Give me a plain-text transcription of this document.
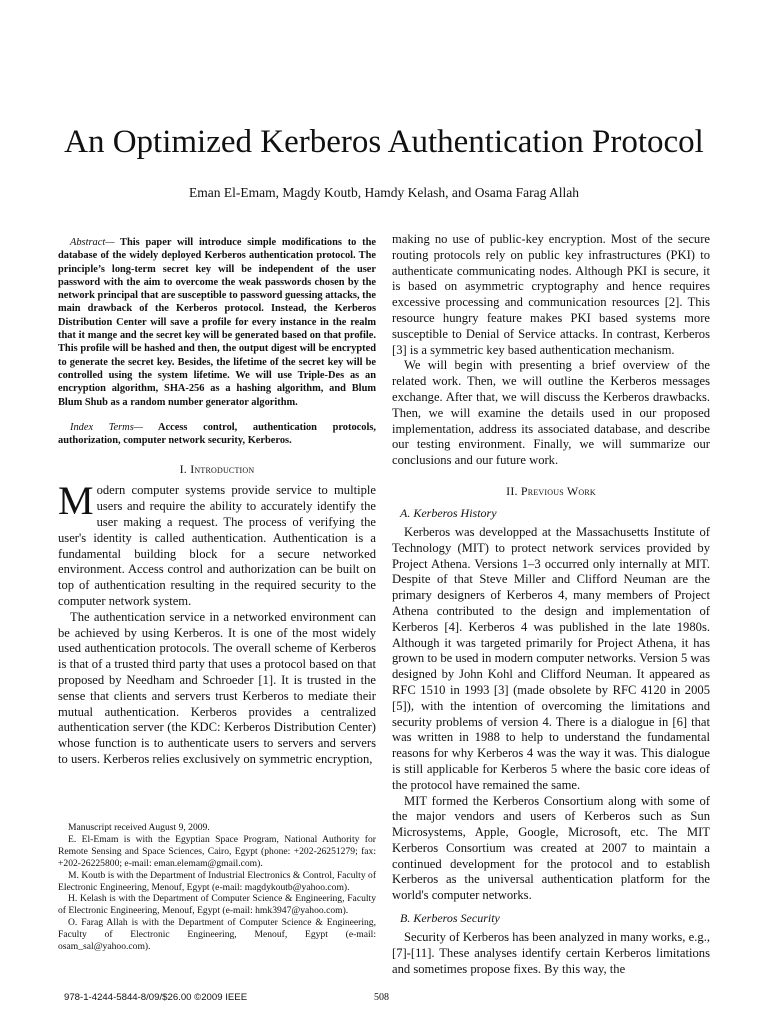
An Optimized Kerberos Authentication Protocol
Eman El-Emam, Magdy Koutb, Hamdy Kelash, and Osama Farag Allah

Abstract— This paper will introduce simple modifications to the database of the widely deployed Kerberos authentication protocol. The principle’s long-term secret key will be independent of the user password with the aim to overcome the weak passwords chosen by the network principal that are susceptible to password guessing attacks, the main drawback of the Kerberos protocol. Instead, the Kerberos Distribution Center will save a profile for every instance in the realm that it mange and the secret key will be generated based on that profile. This profile will be hashed and then, the output digest will be encrypted to generate the secret key. Besides, the lifetime of the secret key will be controlled using the system lifetime. We will use Triple-Des as an encryption algorithm, SHA-256 as a hashing algorithm, and Blum Blum Shub as a random number generator algorithm.

Index Terms— Access control, authentication protocols, authorization, computer network security, Kerberos.

I. Introduction

Modern computer systems provide service to multiple users and require the ability to accurately identify the user making a request. The process of verifying the user's identity is called authentication. Authentication is a fundamental building block for a secure networked environment. Access control and authorization can be built on top of authentication resulting in the required security to the computer network system.

The authentication service in a networked environment can be achieved by using Kerberos. It is one of the most widely used authentication protocols. The overall scheme of Kerberos is that of a trusted third party that uses a protocol based on that proposed by Needham and Schroeder [1]. It is trusted in the sense that clients and servers trust Kerberos to mediate their mutual authentication. Kerberos provides a centralized authentication server (the KDC: Kerberos Distribution Center) whose function is to authenticate users to servers and servers to users. Kerberos relies exclusively on symmetric encryption,

making no use of public-key encryption. Most of the secure routing protocols rely on public key infrastructures (PKI) to authenticate communicating nodes. Although PKI is secure, it is based on asymmetric cryptography and hence requires excessive processing and communication resources [2]. This resource hungry feature makes PKI based systems more susceptible to Denial of Service attacks. In contrast, Kerberos [3] is a symmetric key based authentication mechanism.

We will begin with presenting a brief overview of the related work. Then, we will outline the Kerberos messages exchange. After that, we will discuss the Kerberos drawbacks. Then, we will examine the details used in our proposed implementation, address its associated database, and describe our testing environment. Finally, we will summarize our conclusions and our future work.

II. Previous Work
A. Kerberos History

Kerberos was developped at the Massachusetts Institute of Technology (MIT) to protect network services provided by Project Athena. Versions 1–3 occurred only internally at MIT. Despite of that Steve Miller and Clifford Neuman are the primary designers of Kerberos 4, many members of Project Athena contributed to the design and implementation of Kerberos [4]. Kerberos 4 was published in the late 1980s. Although it was targeted primarily for Project Athena, it has grown to be used in modern computer networks. Version 5 was designed by John Kohl and Clifford Neuman. It appeared as RFC 1510 in 1993 [3] (made obsolete by RFC 4120 in 2005 [5]), with the intention of overcoming the limitations and security problems of version 4. There is a dialogue in [6] that was written in 1988 to help to understand the fundamental reasons for why Kerberos 4 was the way it was. This dialogue is still applicable for Kerberos 5 where the basic core ideas of the protocol have remained the same.

MIT formed the Kerberos Consortium along with some of the major vendors and users of Kerberos such as Sun Microsystems, Apple, Google, Microsoft, etc. The MIT Kerberos Consortium was created at 2007 to maintain a continued development for the protocol and to establish Kerberos as the universal authentication platform for the world's computer networks.

B. Kerberos Security

Security of Kerberos has been analyzed in many works, e.g., [7]-[11]. These analyses identify certain Kerberos limitations and sometimes propose fixes. By this way, the

Manuscript received August 9, 2009.

E. El-Emam is with the Egyptian Space Program, National Authority for Remote Sensing and Space Sciences, Cairo, Egypt (phone: +202-26251279; fax: +202-26225800; e-mail: eman.elemam@gmail.com).

M. Koutb is with the Department of Industrial Electronics & Control, Faculty of Electronic Engineering, Menouf, Egypt (e-mail: magdykoutb@yahoo.com).

H. Kelash is with the Department of Computer Science & Engineering, Faculty of Electronic Engineering, Menouf, Egypt (e-mail: hmk3947@yahoo.com).

O. Farag Allah is with the Department of Computer Science & Engineering, Faculty of Electronic Engineering, Menouf, Egypt (e-mail: osam_sal@yahoo.com).

978-1-4244-5844-8/09/$26.00 ©2009 IEEE	508
